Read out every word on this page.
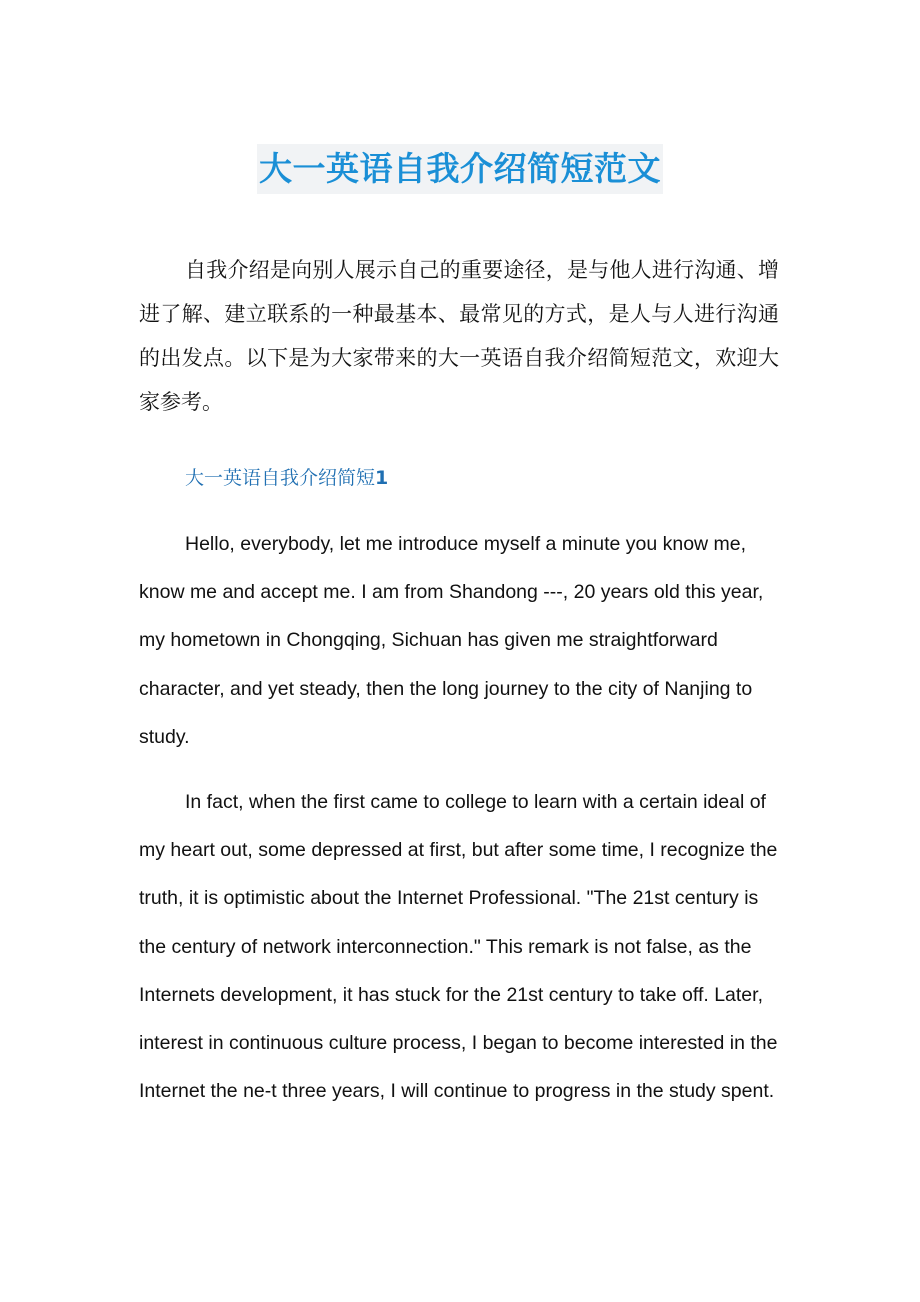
大一英语自我介绍简短范文

自我介绍是向别人展示自己的重要途径，是与他人进行沟通、增进了解、建立联系的一种最基本、最常见的方式，是人与人进行沟通的出发点。以下是为大家带来的大一英语自我介绍简短范文，欢迎大家参考。

大一英语自我介绍简短1

Hello, everybody, let me introduce myself a minute you know me, know me and accept me. I am from Shandong ---, 20 years old this year, my hometown in Chongqing, Sichuan has given me straightforward character, and yet steady, then the long journey to the city of Nanjing to study.

In fact, when the first came to college to learn with a certain ideal of my heart out, some depressed at first, but after some time, I recognize the truth, it is optimistic about the Internet Professional. "The 21st century is the century of network interconnection." This remark is not false, as the Internets development, it has stuck for the 21st century to take off. Later, interest in continuous culture process, I began to become interested in the Internet the ne-t three years, I will continue to progress in the study spent.
